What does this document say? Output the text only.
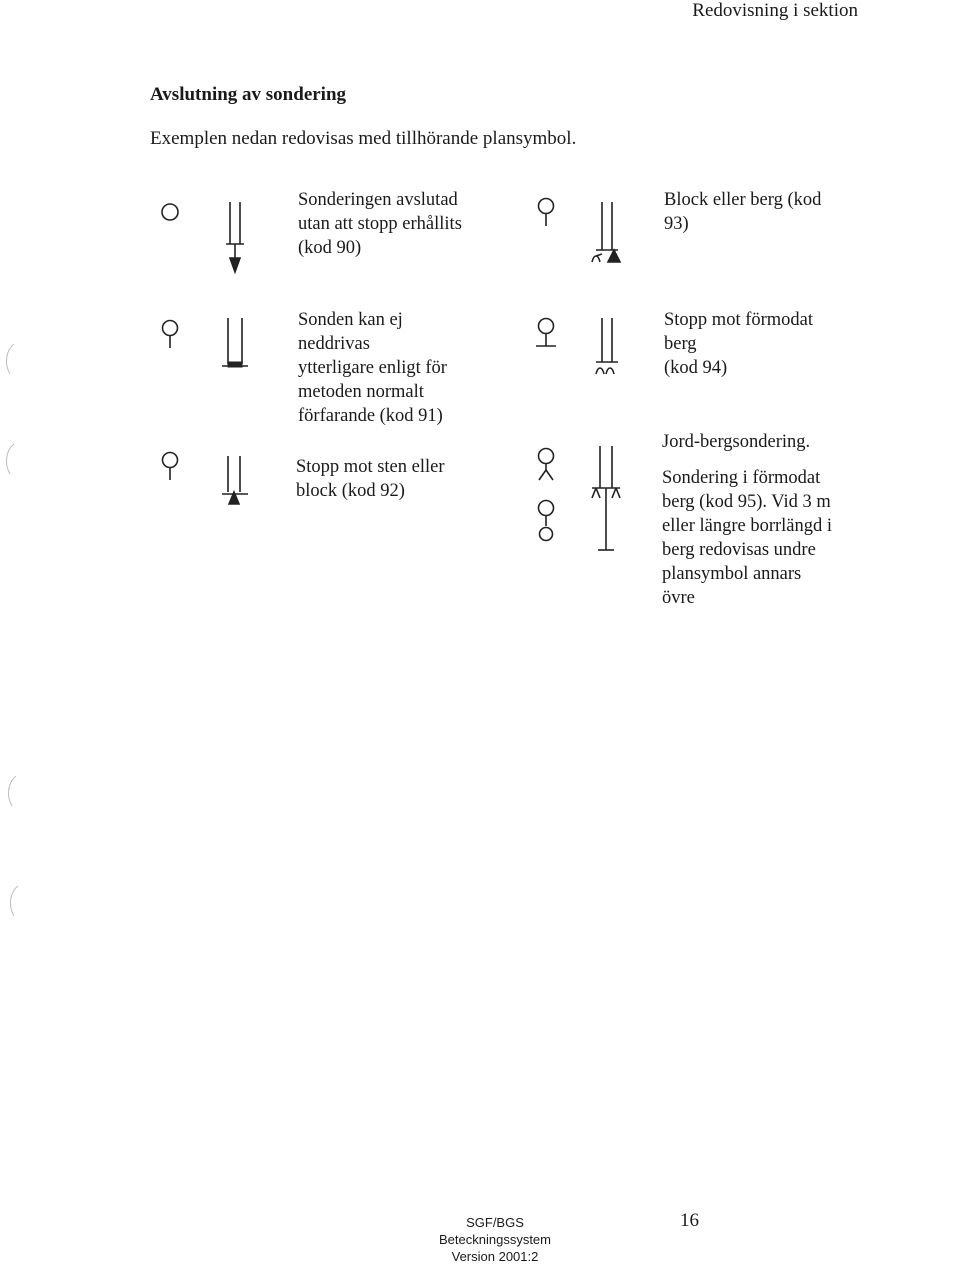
Redovisning i sektion
Avslutning av sondering
Exemplen nedan redovisas med tillhörande plansymbol.
Sonderingen avslutad
utan att stopp erhållits
(kod 90)
Block eller berg (kod
93)
Sonden kan ej
neddrivas
ytterligare enligt för
metoden normalt
förfarande (kod 91)
Stopp mot förmodat
berg
(kod 94)
Stopp mot sten eller
block (kod 92)
Jord-bergsondering.
Sondering i förmodat
berg (kod 95). Vid 3 m
eller längre borrlängd i
berg redovisas undre
plansymbol annars
övre
SGF/BGS Beteckningssystem
Version 2001:2
16
